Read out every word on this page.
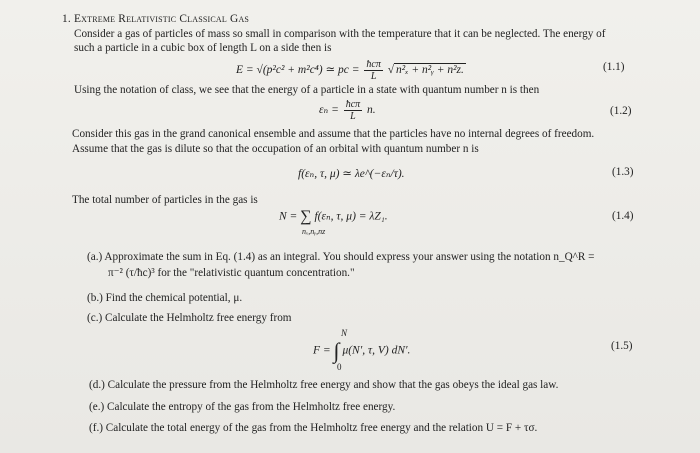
1. Extreme Relativistic Classical Gas
Consider a gas of particles of mass so small in comparison with the temperature that it can be neglected. The energy of
such a particle in a cubic box of length L on a side then is
E = √(p²c² + m²c⁴) ≃ pc = $\frac{\text{ħcπ}}{L}$ √ n²ₓ + n²ᵧ + n²z.	(1.1)
Using the notation of class, we see that the energy of a particle in a state with quantum number n is then
$\varepsilon_n = \frac{\text{ħcπ}}{L} n$.	(1.2)
Consider this gas in the grand canonical ensemble and assume that the particles have no internal degrees of freedom.
Assume that the gas is dilute so that the occupation of an orbital with quantum number n is
f(εₙ, τ, μ) ≃ λe^(−εₙ/τ).	(1.3)
The total number of particles in the gas is
N = ∑ f(εₙ, τ, μ) = λZ₁.
nₓ,nᵧ,nz
(1.4)
(a.) Approximate the sum in Eq. (1.4) as an integral. You should express your answer using the notation n_Q^R =
π⁻² (τ/ħc)³ for the "relativistic quantum concentration."
(b.) Find the chemical potential, μ.
(c.) Calculate the Helmholtz free energy from
F = ∫ μ(N′, τ, V) dN′.
N
0
(1.5)
(d.) Calculate the pressure from the Helmholtz free energy and show that the gas obeys the ideal gas law.
(e.) Calculate the entropy of the gas from the Helmholtz free energy.
(f.) Calculate the total energy of the gas from the Helmholtz free energy and the relation U = F + τσ.
